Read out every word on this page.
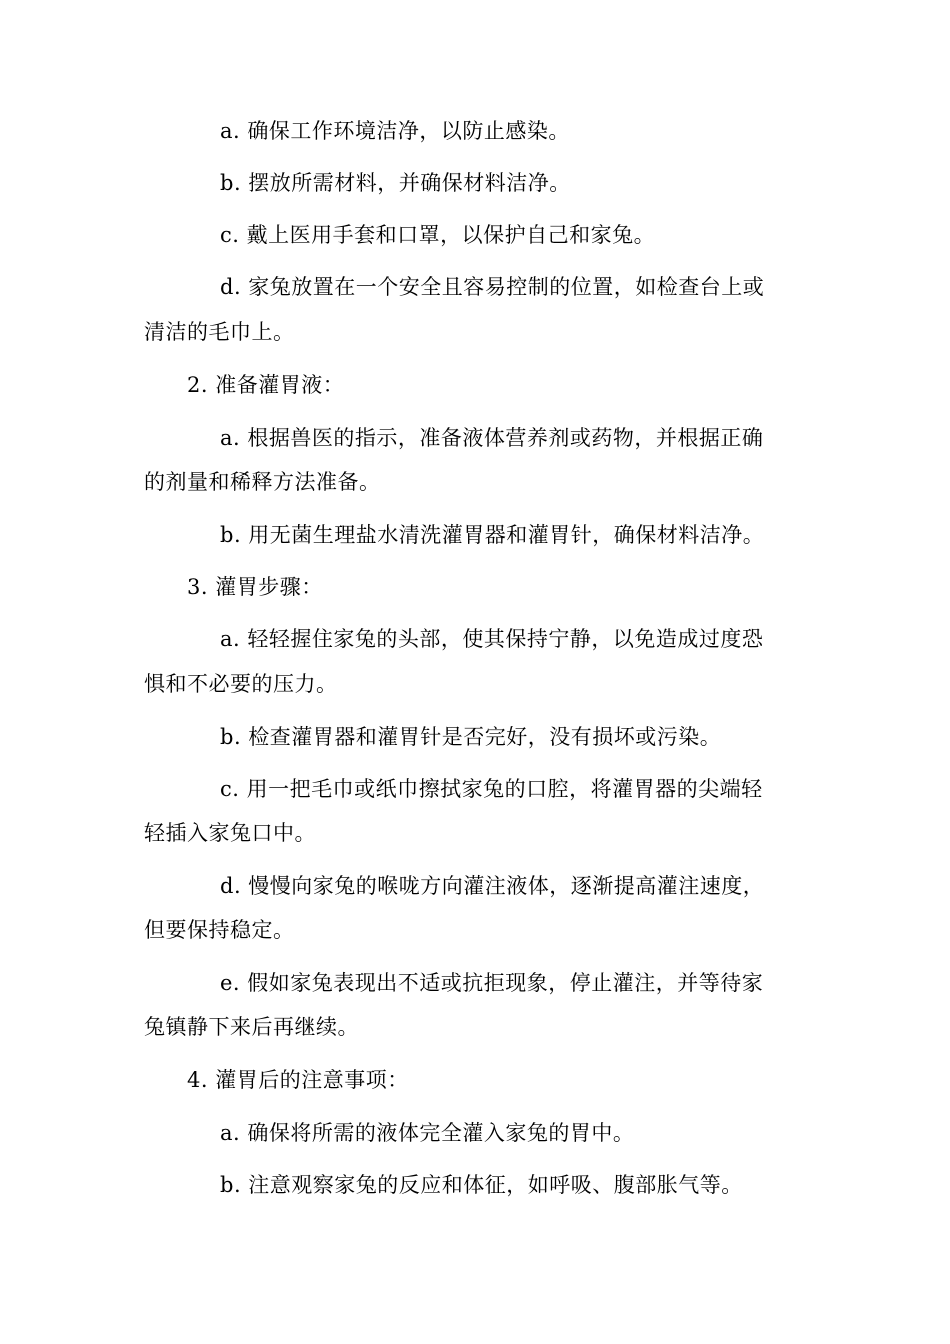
a. 确保工作环境洁净，以防止感染。
b. 摆放所需材料，并确保材料洁净。
c. 戴上医用手套和口罩，以保护自己和家兔。
d. 家兔放置在一个安全且容易控制的位置，如检查台上或
清洁的毛巾上。
2. 准备灌胃液：
a. 根据兽医的指示，准备液体营养剂或药物，并根据正确
的剂量和稀释方法准备。
b. 用无菌生理盐水清洗灌胃器和灌胃针，确保材料洁净。
3. 灌胃步骤：
a. 轻轻握住家兔的头部，使其保持宁静，以免造成过度恐
惧和不必要的压力。
b. 检查灌胃器和灌胃针是否完好，没有损坏或污染。
c. 用一把毛巾或纸巾擦拭家兔的口腔，将灌胃器的尖端轻
轻插入家兔口中。
d. 慢慢向家兔的喉咙方向灌注液体，逐渐提高灌注速度，
但要保持稳定。
e. 假如家兔表现出不适或抗拒现象，停止灌注，并等待家
兔镇静下来后再继续。
4. 灌胃后的注意事项：
a. 确保将所需的液体完全灌入家兔的胃中。
b. 注意观察家兔的反应和体征，如呼吸、腹部胀气等。
